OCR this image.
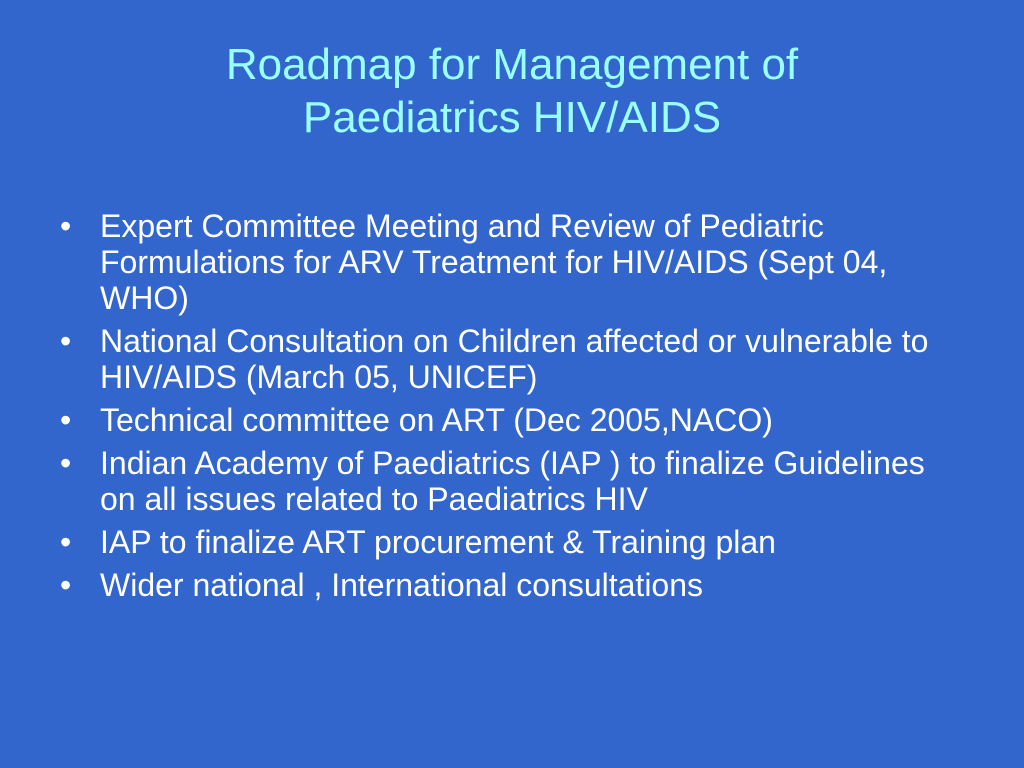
Roadmap for Management of
Paediatrics HIV/AIDS
• Expert Committee Meeting and Review of Pediatric Formulations for ARV Treatment for HIV/AIDS (Sept 04, WHO)
• National Consultation on Children affected or vulnerable to HIV/AIDS (March 05, UNICEF)
• Technical committee on ART (Dec 2005,NACO)
• Indian Academy of Paediatrics (IAP ) to finalize Guidelines on all issues related to Paediatrics HIV
• IAP to finalize ART procurement & Training plan
• Wider national , International consultations
